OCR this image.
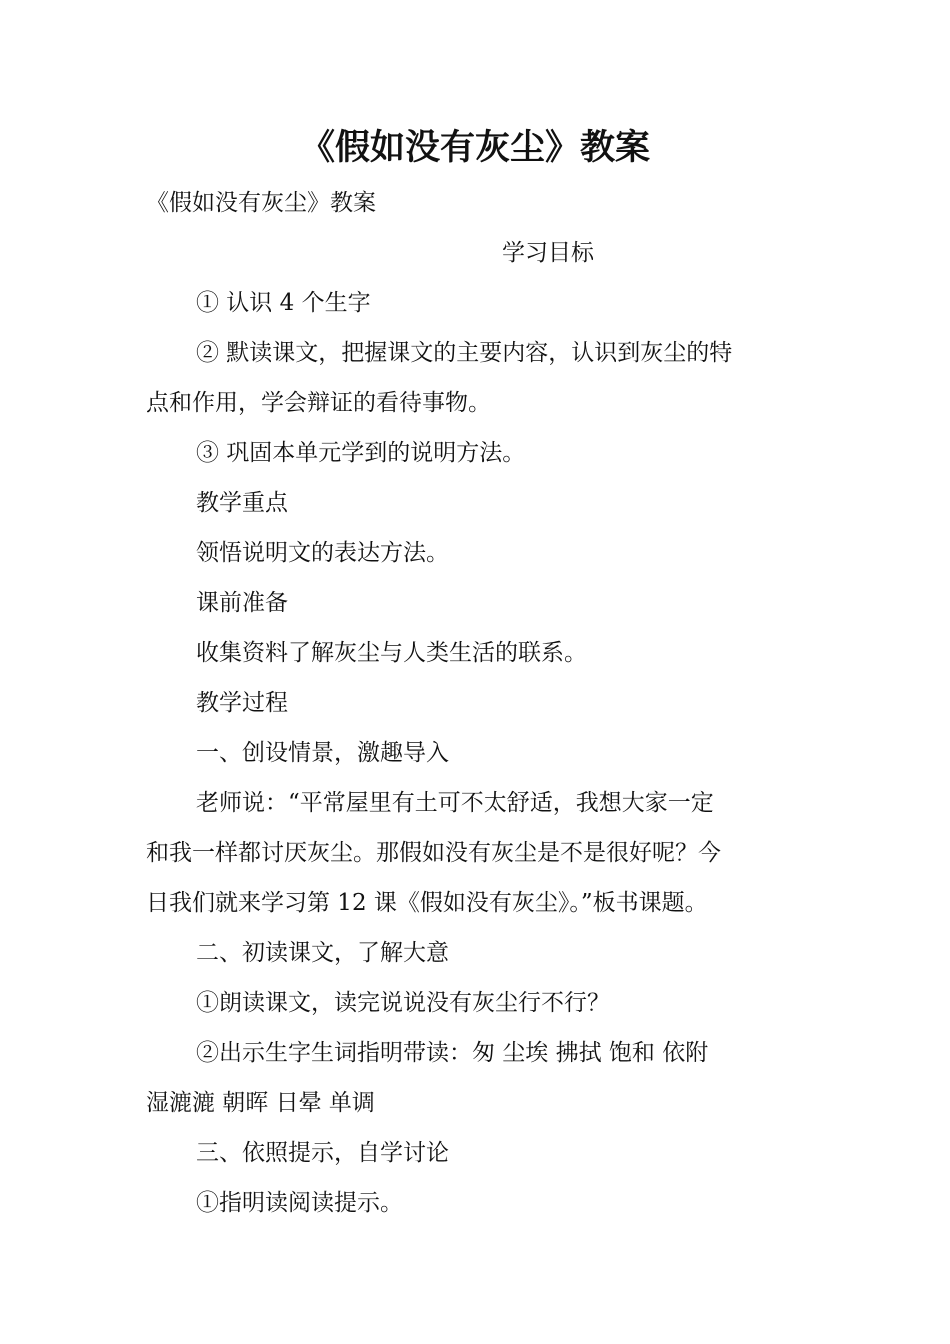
《假如没有灰尘》教案

《假如没有灰尘》教案

学习目标

① 认识 4 个生字

② 默读课文，把握课文的主要内容，认识到灰尘的特

点和作用，学会辩证的看待事物。

③ 巩固本单元学到的说明方法。

教学重点

领悟说明文的表达方法。

课前准备

收集资料了解灰尘与人类生活的联系。

教学过程

一、创设情景，激趣导入

老师说：“平常屋里有土可不太舒适，我想大家一定

和我一样都讨厌灰尘。那假如没有灰尘是不是很好呢？今

日我们就来学习第 12 课《假如没有灰尘》。”板书课题。

二、初读课文，了解大意

①朗读课文，读完说说没有灰尘行不行？

②出示生字生词指明带读：匆 尘埃 拂拭 饱和 依附

湿漉漉 朝晖 日晕 单调

三、依照提示，自学讨论

①指明读阅读提示。
